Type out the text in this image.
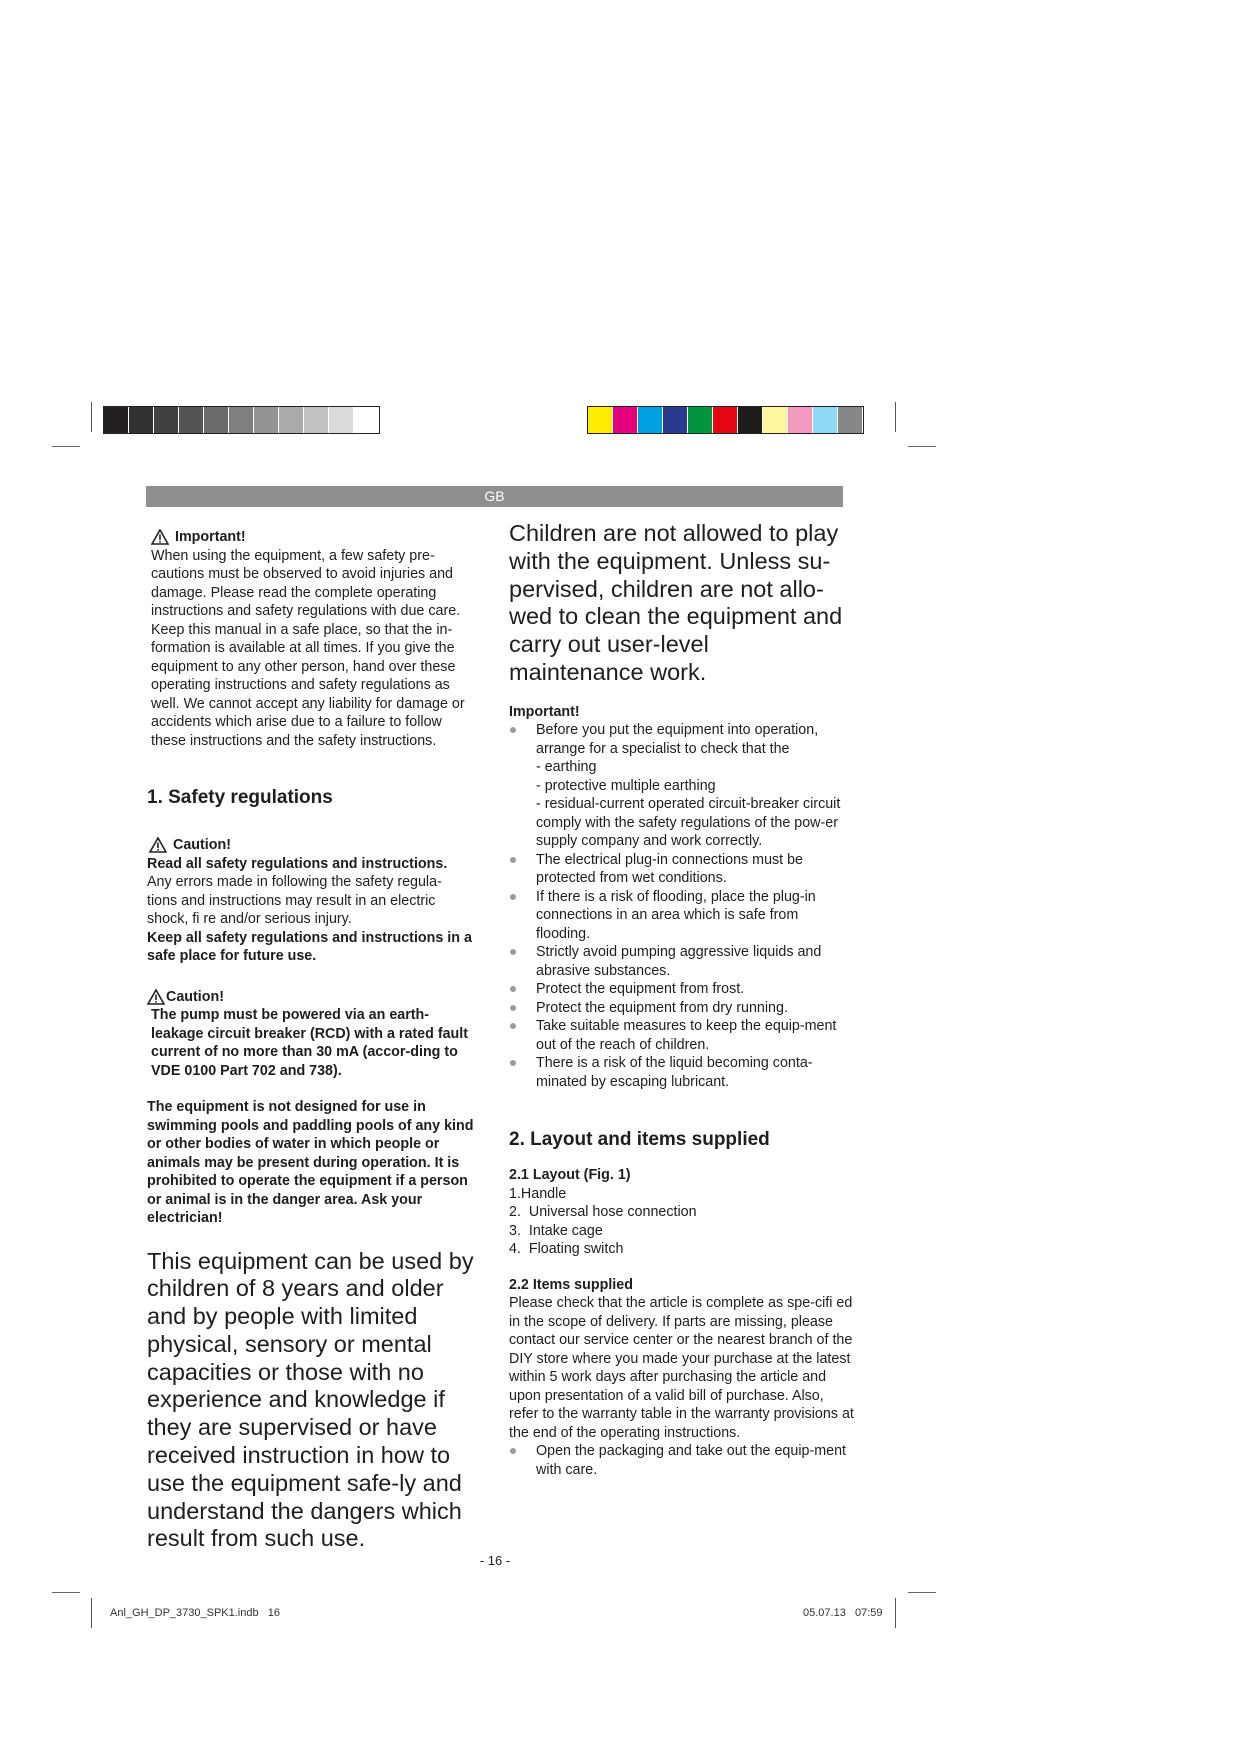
GB
Important!

When using the equipment, a few safety pre-cautions must be observed to avoid injuries and damage. Please read the complete operating instructions and safety regulations with due care. Keep this manual in a safe place, so that the in-formation is available at all times. If you give the equipment to any other person, hand over these operating instructions and safety regulations as well. We cannot accept any liability for damage or accidents which arise due to a failure to follow these instructions and the safety instructions.

1. Safety regulations

Caution!

Read all safety regulations and instructions.

Any errors made in following the safety regula-tions and instructions may result in an electric shock, fi re and/or serious injury.

Keep all safety regulations and instructions in a safe place for future use.

Caution!

The pump must be powered via an earth-leakage circuit breaker (RCD) with a rated fault current of no more than 30 mA (accor-ding to VDE 0100 Part 702 and 738).

The equipment is not designed for use in swimming pools and paddling pools of any kind or other bodies of water in which people or animals may be present during operation. It is prohibited to operate the equipment if a person or animal is in the danger area. Ask your electrician!

This equipment can be used by children of 8 years and older and by people with limited physical, sensory or mental capacities or those with no experience and knowledge if they are supervised or have received instruction in how to use the equipment safe-ly and understand the dangers which result from such use.

Children are not allowed to play with the equipment. Unless su-pervised, children are not allo-wed to clean the equipment and carry out user-level maintenance work.

Important!

Before you put the equipment into operation, arrange for a specialist to check that the
- earthing
- protective multiple earthing
- residual-current operated circuit-breaker circuit
comply with the safety regulations of the pow-er supply company and work correctly.
The electrical plug-in connections must be protected from wet conditions.
If there is a risk of flooding, place the plug-in connections in an area which is safe from flooding.
Strictly avoid pumping aggressive liquids and abrasive substances.
Protect the equipment from frost.
Protect the equipment from dry running.
Take suitable measures to keep the equip-ment out of the reach of children.
There is a risk of the liquid becoming conta-minated by escaping lubricant.

2. Layout and items supplied

2.1 Layout (Fig. 1)

1.Handle
2.  Universal hose connection
3.  Intake cage
4.  Floating switch

2.2 Items supplied

Please check that the article is complete as spe-cifi ed in the scope of delivery. If parts are missing, please contact our service center or the nearest branch of the DIY store where you made your purchase at the latest within 5 work days after purchasing the article and upon presentation of a valid bill of purchase. Also, refer to the warranty table in the warranty provisions at the end of the operating instructions.

Open the packaging and take out the equip-ment with care.
- 16 -
Anl_GH_DP_3730_SPK1.indb   16	05.07.13   07:59
